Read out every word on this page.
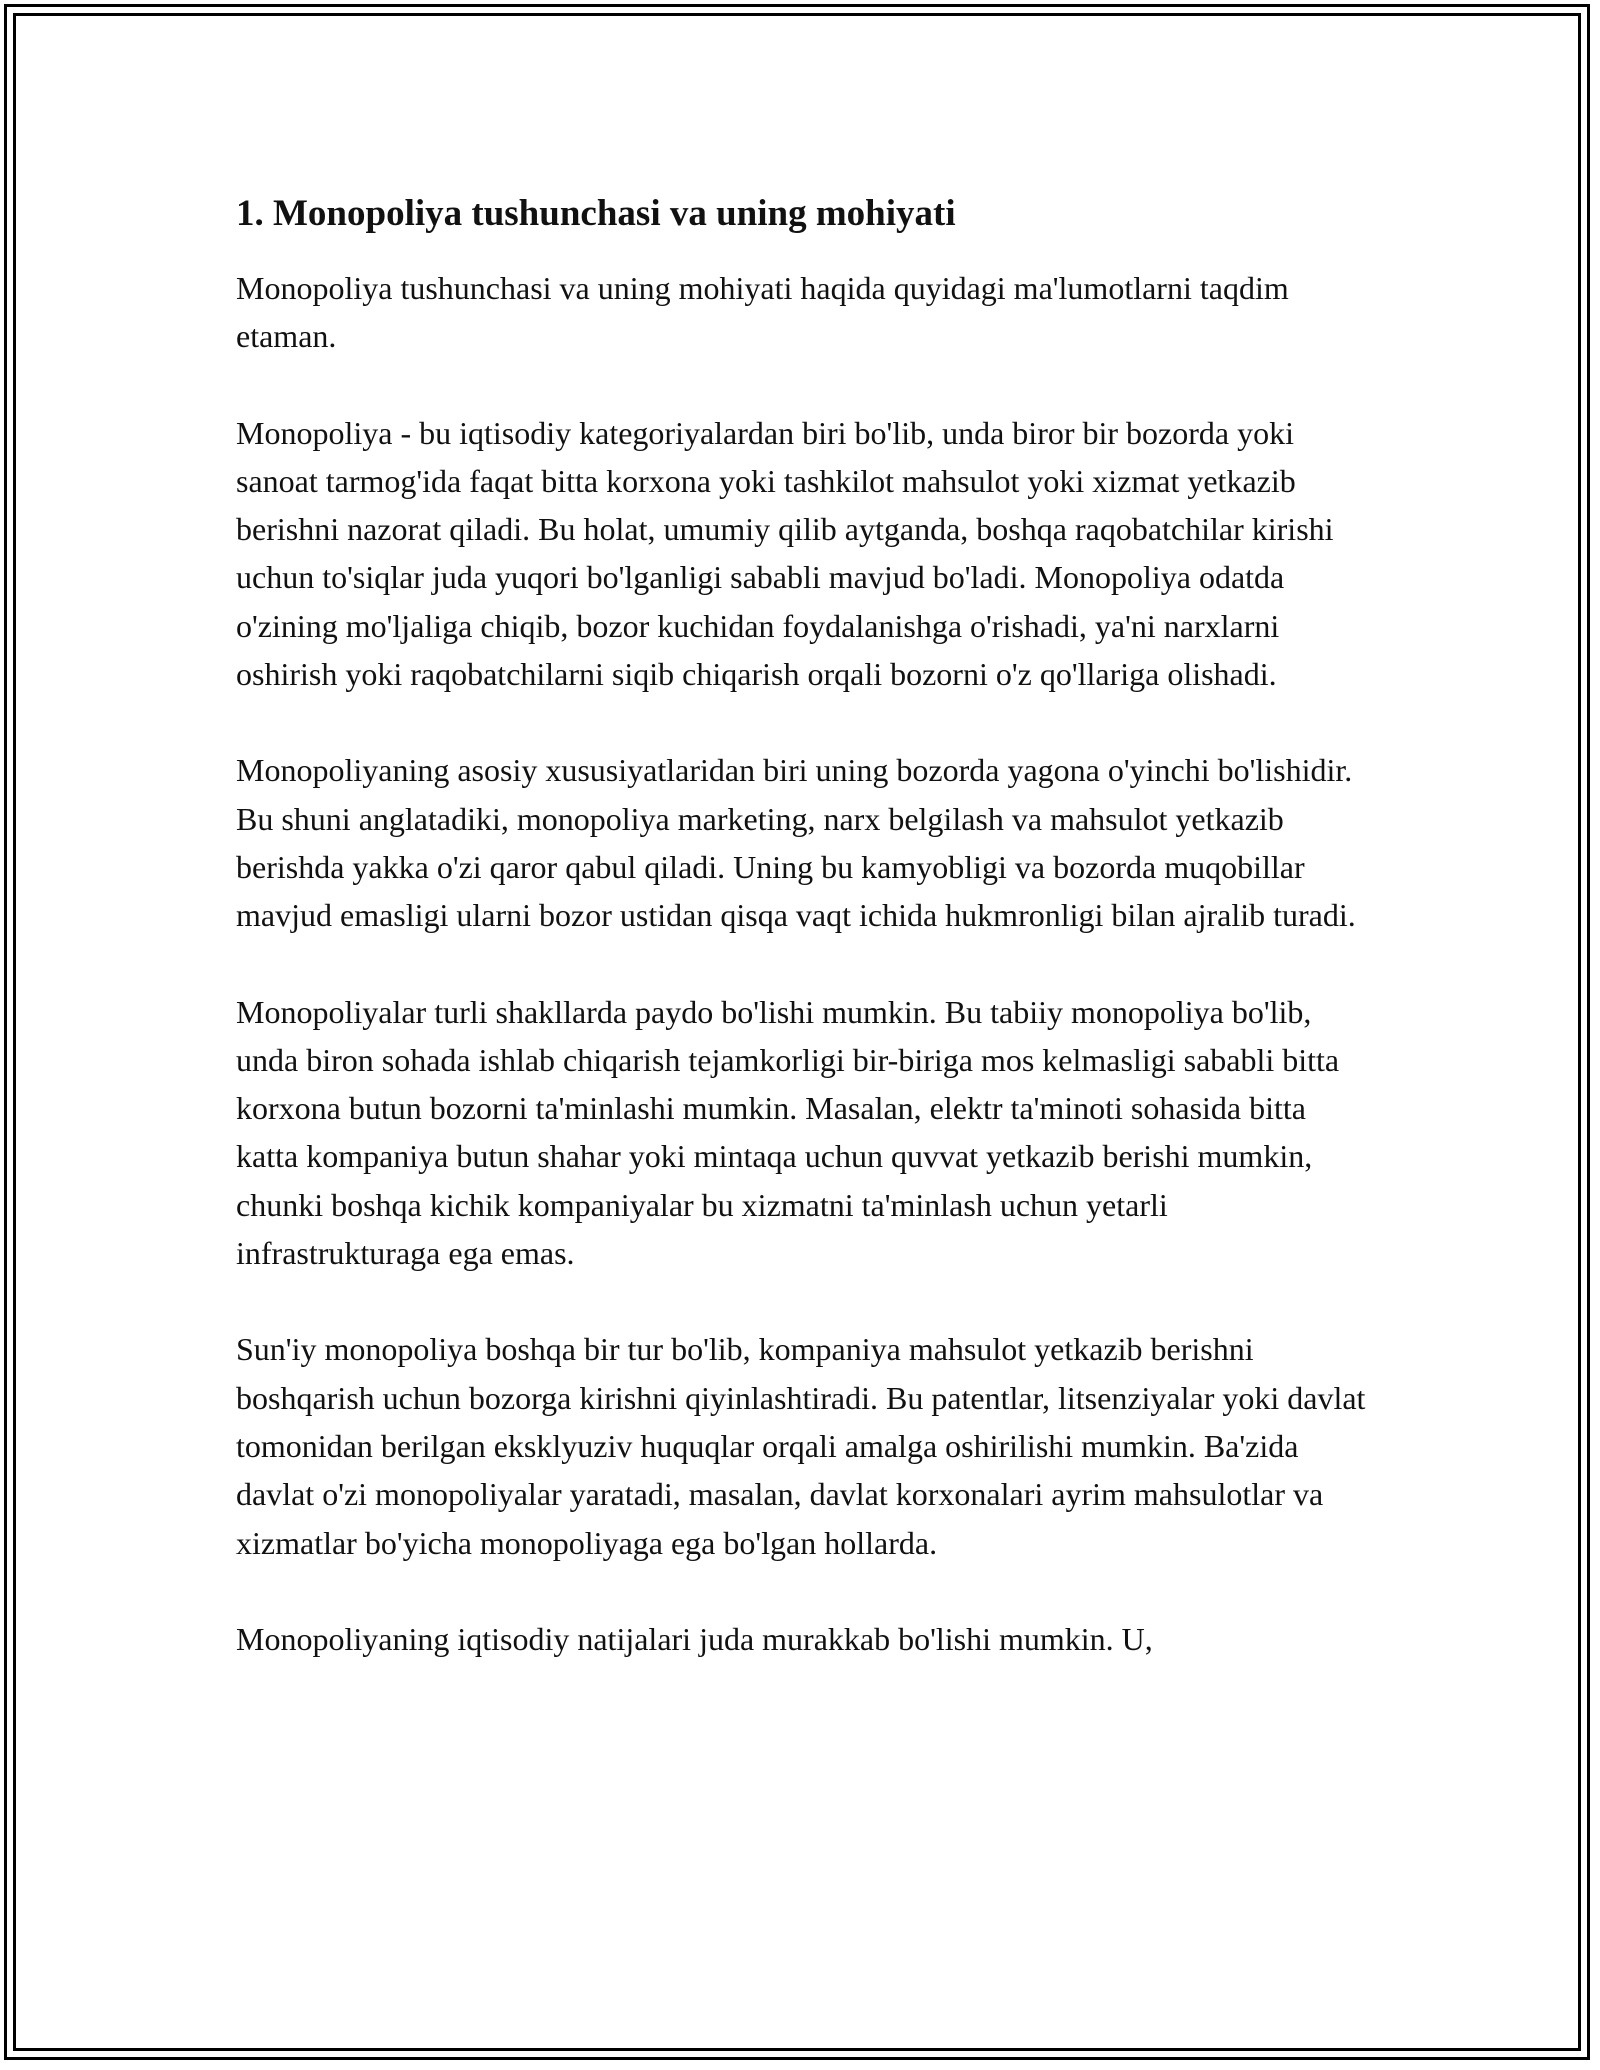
1. Monopoliya tushunchasi va uning mohiyati

Monopoliya tushunchasi va uning mohiyati haqida quyidagi ma'lumotlarni taqdim etaman.

Monopoliya - bu iqtisodiy kategoriyalardan biri bo'lib, unda biror bir bozorda yoki sanoat tarmog'ida faqat bitta korxona yoki tashkilot mahsulot yoki xizmat yetkazib berishni nazorat qiladi. Bu holat, umumiy qilib aytganda, boshqa raqobatchilar kirishi uchun to'siqlar juda yuqori bo'lganligi sababli mavjud bo'ladi. Monopoliya odatda o'zining mo'ljaliga chiqib, bozor kuchidan foydalanishga o'rishadi, ya'ni narxlarni oshirish yoki raqobatchilarni siqib chiqarish orqali bozorni o'z qo'llariga olishadi.

Monopoliyaning asosiy xususiyatlaridan biri uning bozorda yagona o'yinchi bo'lishidir. Bu shuni anglatadiki, monopoliya marketing, narx belgilash va mahsulot yetkazib berishda yakka o'zi qaror qabul qiladi. Uning bu kamyobligi va bozorda muqobillar mavjud emasligi ularni bozor ustidan qisqa vaqt ichida hukmronligi bilan ajralib turadi.

Monopoliyalar turli shakllarda paydo bo'lishi mumkin. Bu tabiiy monopoliya bo'lib, unda biron sohada ishlab chiqarish tejamkorligi bir-biriga mos kelmasligi sababli bitta korxona butun bozorni ta'minlashi mumkin. Masalan, elektr ta'minoti sohasida bitta katta kompaniya butun shahar yoki mintaqa uchun quvvat yetkazib berishi mumkin, chunki boshqa kichik kompaniyalar bu xizmatni ta'minlash uchun yetarli infrastrukturaga ega emas.

Sun'iy monopoliya boshqa bir tur bo'lib, kompaniya mahsulot yetkazib berishni boshqarish uchun bozorga kirishni qiyinlashtiradi. Bu patentlar, litsenziyalar yoki davlat tomonidan berilgan eksklyuziv huquqlar orqali amalga oshirilishi mumkin. Ba'zida davlat o'zi monopoliyalar yaratadi, masalan, davlat korxonalari ayrim mahsulotlar va xizmatlar bo'yicha monopoliyaga ega bo'lgan hollarda.

Monopoliyaning iqtisodiy natijalari juda murakkab bo'lishi mumkin. U,
